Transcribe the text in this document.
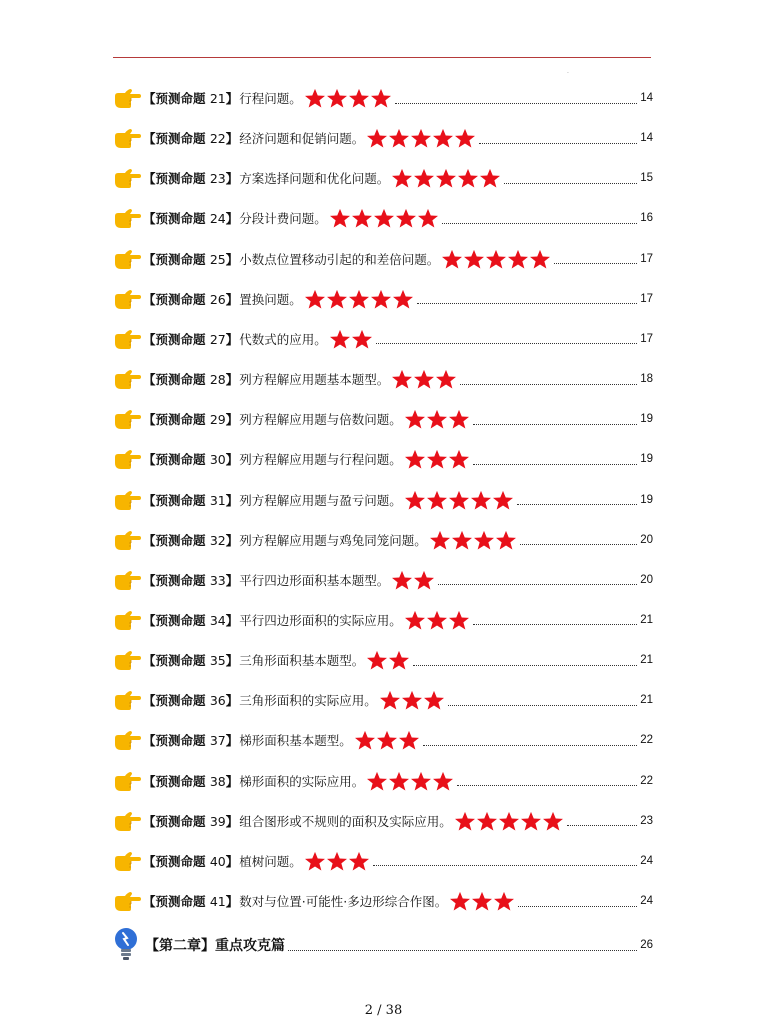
·
【预测命题 21】 行程问题。	14
【预测命题 22】 经济问题和促销问题。	14
【预测命题 23】 方案选择问题和优化问题。	15
【预测命题 24】 分段计费问题。	16
【预测命题 25】 小数点位置移动引起的和差倍问题。	17
【预测命题 26】 置换问题。	17
【预测命题 27】 代数式的应用。	17
【预测命题 28】 列方程解应用题基本题型。	18
【预测命题 29】 列方程解应用题与倍数问题。	19
【预测命题 30】 列方程解应用题与行程问题。	19
【预测命题 31】 列方程解应用题与盈亏问题。	19
【预测命题 32】 列方程解应用题与鸡兔同笼问题。	20
【预测命题 33】 平行四边形面积基本题型。	20
【预测命题 34】 平行四边形面积的实际应用。	21
【预测命题 35】 三角形面积基本题型。	21
【预测命题 36】 三角形面积的实际应用。	21
【预测命题 37】 梯形面积基本题型。	22
【预测命题 38】 梯形面积的实际应用。	22
【预测命题 39】 组合图形或不规则的面积及实际应用。	23
【预测命题 40】 植树问题。	24
【预测命题 41】 数对与位置·可能性·多边形综合作图。	24
【第二章】重点攻克篇	26
2 / 38
